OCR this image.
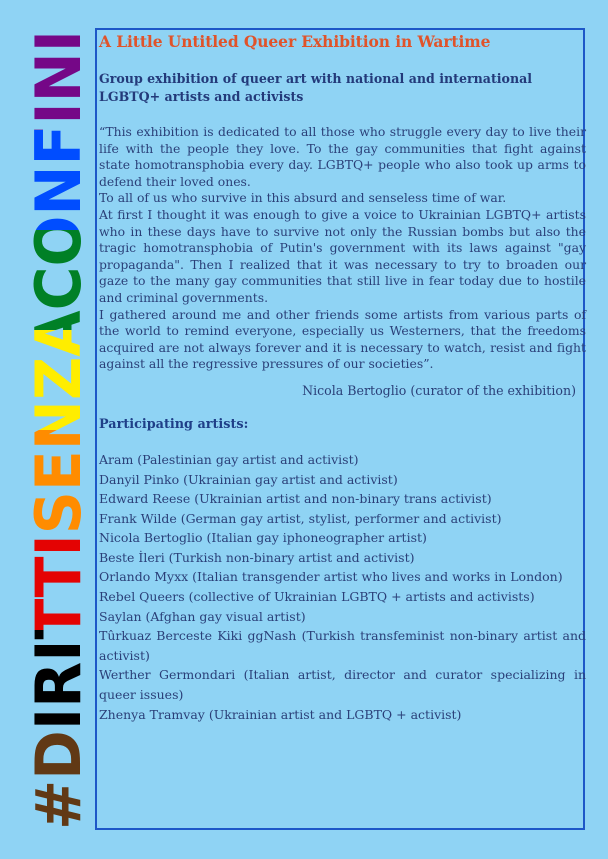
#DIRITTISENZACONFINI A Little Untitled Queer Exhibition in Wartime
Group exhibition of queer art with national and international LGBTQ+ artists and activists

“This exhibition is dedicated to all those who struggle every day to live their life with the people they love. To the gay communities that fight against state homotransphobia every day. LGBTQ+ people who also took up arms to defend their loved ones.

To all of us who survive in this absurd and senseless time of war.

At first I thought it was enough to give a voice to Ukrainian LGBTQ+ artists who in these days have to survive not only the Russian bombs but also the tragic homotransphobia of Putin's government with its laws against "gay propaganda". Then I realized that it was necessary to try to broaden our gaze to the many gay communities that still live in fear today due to hostile and criminal governments.

I gathered around me and other friends some artists from various parts of the world to remind everyone, especially us Westerners, that the freedoms acquired are not always forever and it is necessary to watch, resist and fight against all the regressive pressures of our societies”.

Nicola Bertoglio (curator of the exhibition)
Participating artists:
Aram (Palestinian gay artist and activist)
Danyil Pinko (Ukrainian gay artist and activist)
Edward Reese (Ukrainian artist and non-binary trans activist)
Frank Wilde (German gay artist, stylist, performer and activist)
Nicola Bertoglio (Italian gay iphoneographer artist)
Beste İleri (Turkish non-binary artist and activist)
Orlando Myxx (Italian transgender artist who lives and works in London)
Rebel Queers (collective of Ukrainian LGBTQ + artists and activists)
Saylan (Afghan gay visual artist)
Tûrkuaz Berceste Kiki ggNash (Turkish transfeminist non-binary artist and activist)
Werther Germondari (Italian artist, director and curator specializing in queer issues)
Zhenya Tramvay (Ukrainian artist and LGBTQ + activist)
